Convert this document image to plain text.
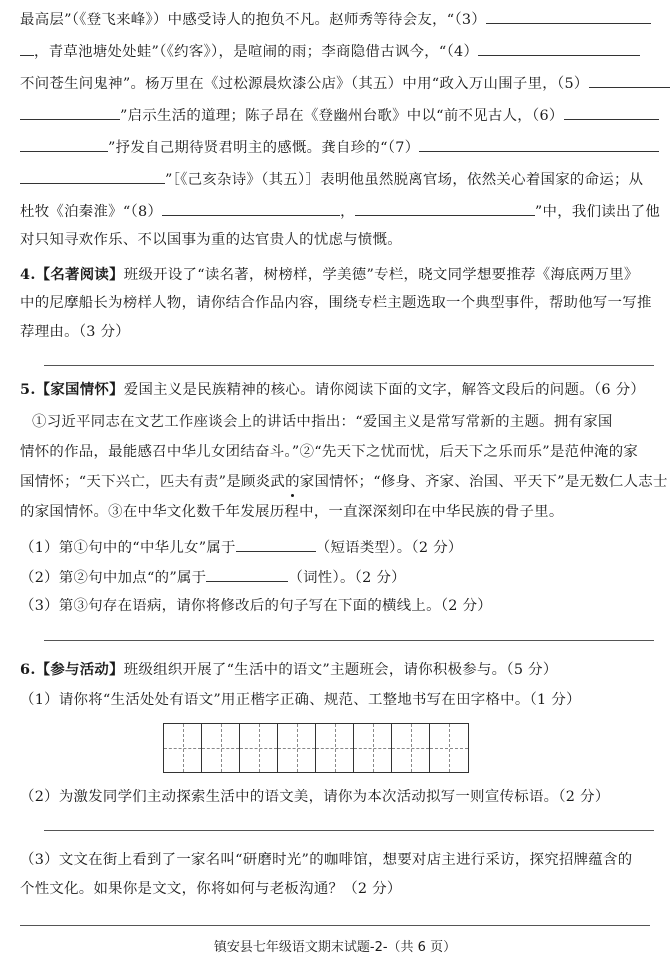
最高层”（《登飞来峰》）中感受诗人的抱负不凡。赵师秀等待会友，“（3）
，青草池塘处处蛙”（《约客》），是喧闹的雨；李商隐借古讽今，“（4）
不问苍生问鬼神”。杨万里在《过松源晨炊漆公店》（其五）中用“政入万山围子里，（5）
”启示生活的道理；陈子昂在《登幽州台歌》中以“前不见古人，（6）
”抒发自己期待贤君明主的感慨。龚自珍的“（7）
”［《己亥杂诗》（其五）］表明他虽然脱离官场，依然关心着国家的命运；从
杜牧《泊秦淮》“（8）	，	”中，我们读出了他
对只知寻欢作乐、不以国事为重的达官贵人的忧虑与愤慨。
4.【名著阅读】班级开设了“读名著，树榜样，学美德”专栏，晓文同学想要推荐《海底两万里》
中的尼摩船长为榜样人物，请你结合作品内容，围绕专栏主题选取一个典型事件，帮助他写一写推
荐理由。（3 分）
5.【家国情怀】爱国主义是民族精神的核心。请你阅读下面的文字，解答文段后的问题。（6 分）
①习近平同志在文艺工作座谈会上的讲话中指出：“爱国主义是常写常新的主题。拥有家国
情怀的作品，最能感召中华儿女团结奋斗。”②“先天下之忧而忧，后天下之乐而乐”是范仲淹的家
国情怀；“天下兴亡，匹夫有责”是顾炎武的家国情怀；“修身、齐家、治国、平天下”是无数仁人志士
的家国情怀。③在中华文化数千年发展历程中，一直深深刻印在中华民族的骨子里。
（1）第①句中的“中华儿女”属于	（短语类型）。（2 分）
（2）第②句中加点“的”属于	（词性）。（2 分）
（3）第③句存在语病，请你将修改后的句子写在下面的横线上。（2 分）
6.【参与活动】班级组织开展了“生活中的语文”主题班会，请你积极参与。（5 分）
（1）请你将“生活处处有语文”用正楷字正确、规范、工整地书写在田字格中。（1 分）
（2）为激发同学们主动探索生活中的语文美，请你为本次活动拟写一则宣传标语。（2 分）
（3）文文在街上看到了一家名叫“研磨时光”的咖啡馆，想要对店主进行采访，探究招牌蕴含的
个性文化。如果你是文文，你将如何与老板沟通？（2 分）
镇安县七年级语文期末试题-2-（共 6 页）
